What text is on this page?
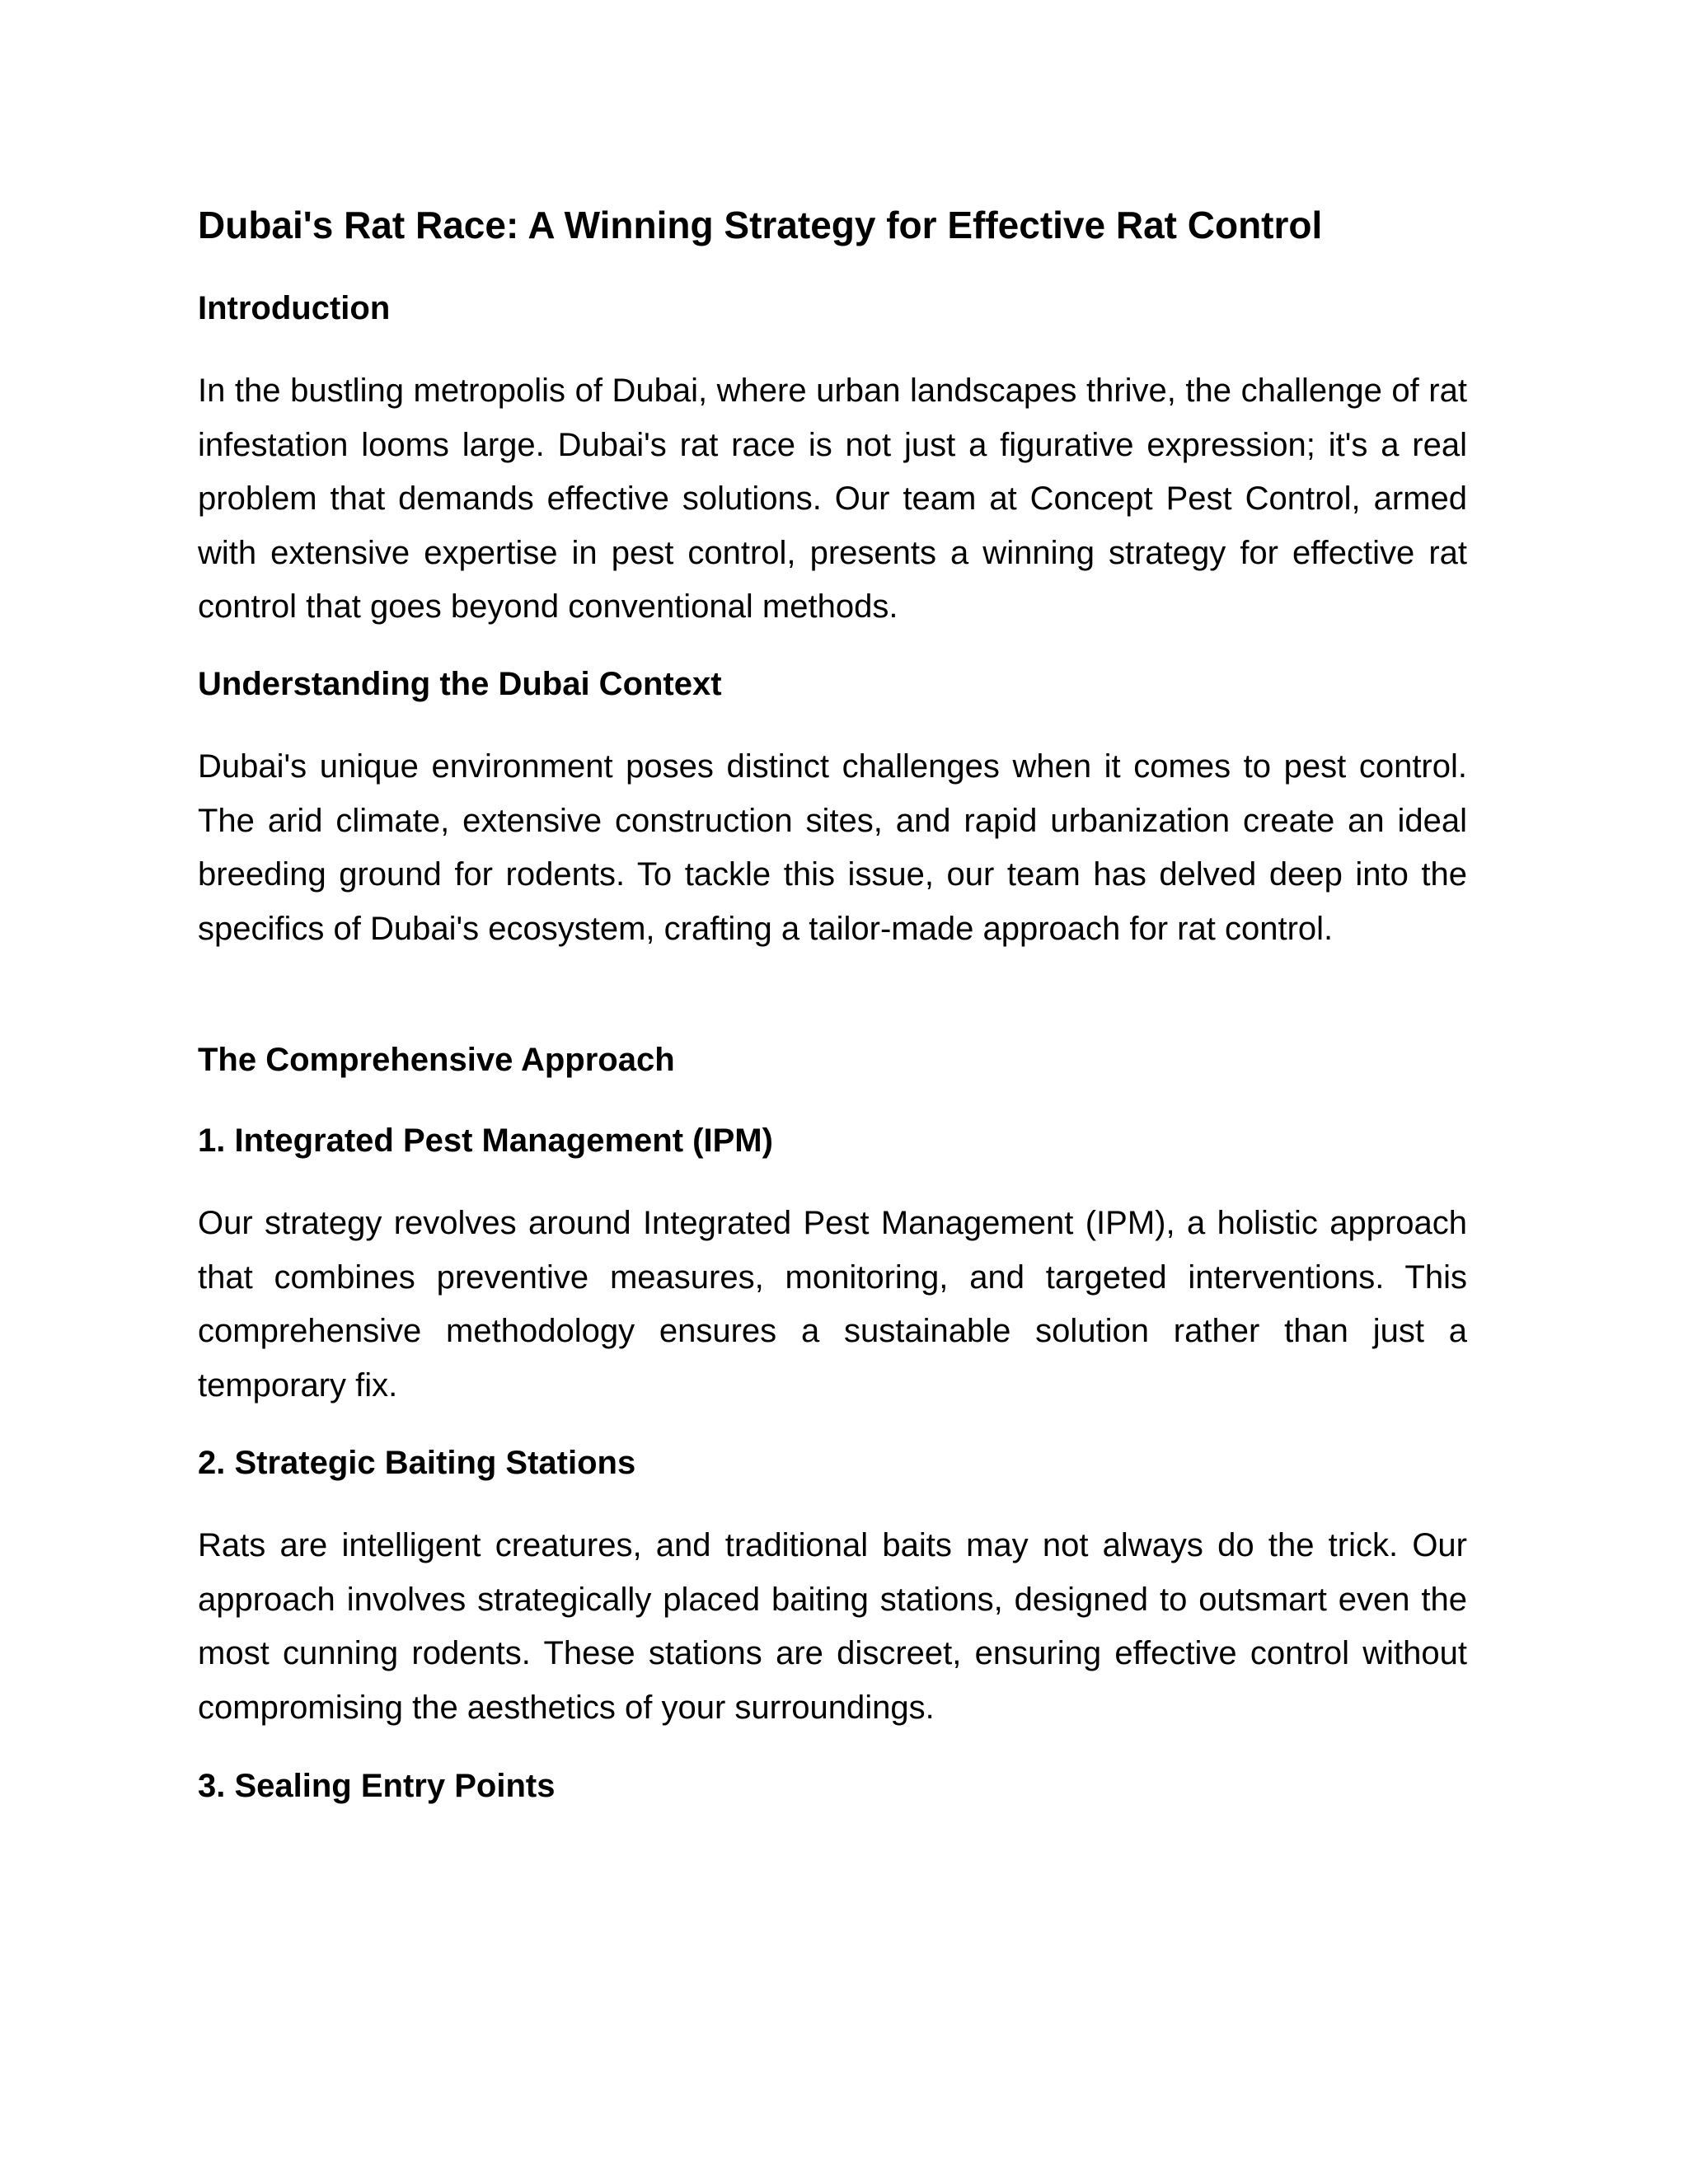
Dubai's Rat Race: A Winning Strategy for Effective Rat Control
Introduction

In the bustling metropolis of Dubai, where urban landscapes thrive, the challenge of rat infestation looms large. Dubai's rat race is not just a figurative expression; it's a real problem that demands effective solutions. Our team at Concept Pest Control, armed with extensive expertise in pest control, presents a winning strategy for effective rat control that goes beyond conventional methods.

Understanding the Dubai Context

Dubai's unique environment poses distinct challenges when it comes to pest control. The arid climate, extensive construction sites, and rapid urbanization create an ideal breeding ground for rodents. To tackle this issue, our team has delved deep into the specifics of Dubai's ecosystem, crafting a tailor-made approach for rat control.

The Comprehensive Approach
1. Integrated Pest Management (IPM)

Our strategy revolves around Integrated Pest Management (IPM), a holistic approach that combines preventive measures, monitoring, and targeted interventions. This comprehensive methodology ensures a sustainable solution rather than just a temporary fix.

2. Strategic Baiting Stations

Rats are intelligent creatures, and traditional baits may not always do the trick. Our approach involves strategically placed baiting stations, designed to outsmart even the most cunning rodents. These stations are discreet, ensuring effective control without compromising the aesthetics of your surroundings.

3. Sealing Entry Points
